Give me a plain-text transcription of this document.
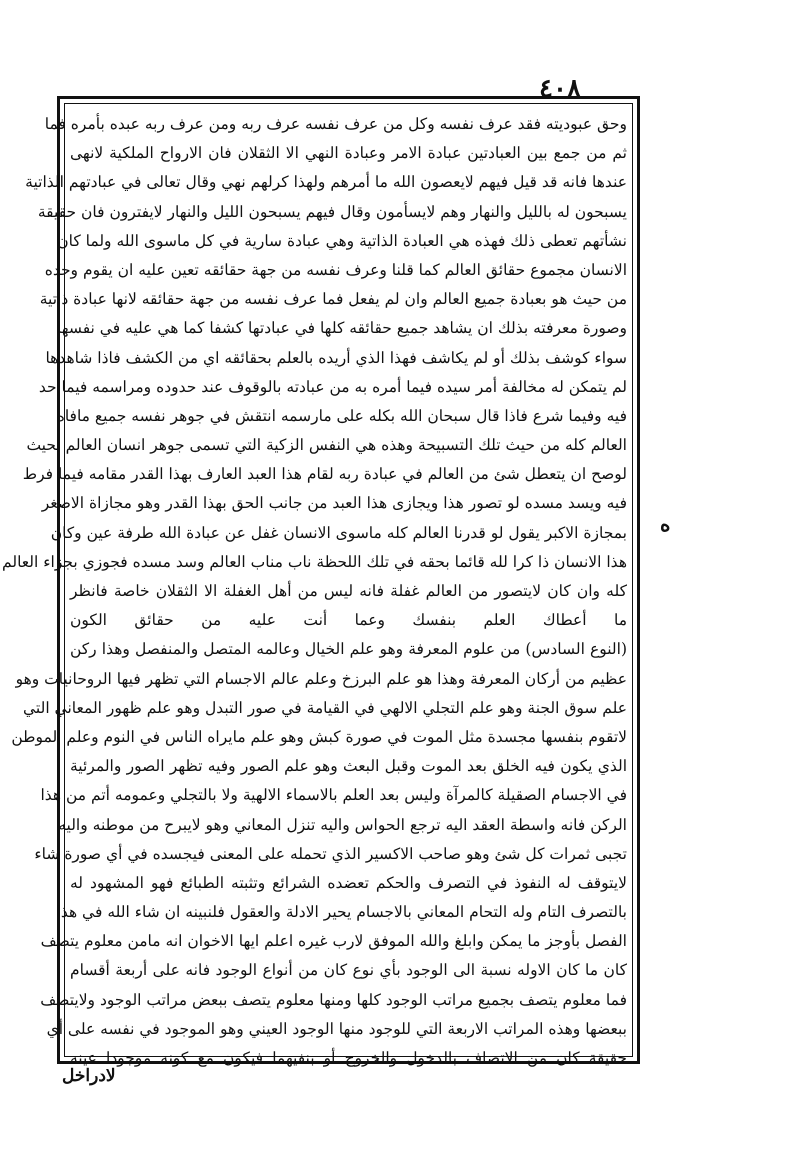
٤٠٨
وحق عبوديته فقد عرف نفسه وكل من عرف نفسه عرف ربه ومن عرف ربه عبده بأمره فما
ثم من جمع بين العبادتين عبادة الامر وعبادة النهي الا الثقلان فان الارواح الملكية لانهى
عندها فانه قد قيل فيهم لايعصون الله ما أمرهم ولهذا كرلهم نهي وقال تعالى في عبادتهم الذاتية
يسبحون له بالليل والنهار وهم لايسأمون وقال فيهم يسبحون الليل والنهار لايفترون فان حقيقة
نشأتهم تعطى ذلك فهذه هي العبادة الذاتية وهي عبادة سارية في كل ماسوى الله ولما كان
الانسان مجموع حقائق العالم كما قلنا وعرف نفسه من جهة حقائقه تعين عليه ان يقوم وحده
من حيث هو بعبادة جميع العالم وان لم يفعل فما عرف نفسه من جهة حقائقه لانها عبادة ذاتية
وصورة معرفته بذلك ان يشاهد جميع حقائقه كلها في عبادتها كشفا كما هي عليه في نفسها
سواء كوشف بذلك أو لم يكاشف فهذا الذي أريده بالعلم بحقائقه اي من الكشف فاذا شاهدها
لم يتمكن له مخالفة أمر سيده فيما أمره به من عبادته بالوقوف عند حدوده ومراسمه فيما حد
فيه وفيما شرع فاذا قال سبحان الله بكله على مارسمه انتقش في جوهر نفسه جميع مافاه
العالم كله من حيث تلك التسبيحة وهذه هي النفس الزكية التي تسمى جوهر انسان العالم بحيث
لوصح ان يتعطل شئ من العالم في عبادة ربه لقام هذا العبد العارف بهذا القدر مقامه فيما فرط
فيه ويسد مسده لو تصور هذا ويجازى هذا العبد من جانب الحق بهذا القدر وهو مجازاة الاصغر
بمجازة الاكبر يقول لو قدرنا العالم كله ماسوى الانسان غفل عن عبادة الله طرفة عين وكان
هذا الانسان ذا كرا لله قائما بحقه في تلك اللحظة ناب مناب العالم وسد مسده فجوزي بجزاء العالم
كله وان كان لايتصور من العالم غفلة فانه ليس من أهل الغفلة الا الثقلان خاصة فانظر
ما أعطاك العلم بنفسك وعما أنت عليه من حقائق الكون
(النوع السادس) من علوم المعرفة وهو علم الخيال وعالمه المتصل والمنفصل وهذا ركن
عظيم من أركان المعرفة وهذا هو علم البرزخ وعلم عالم الاجسام التي تظهر فيها الروحانيات وهو
علم سوق الجنة وهو علم التجلي الالهي في القيامة في صور التبدل وهو علم ظهور المعاني التي
لاتقوم بنفسها مجسدة مثل الموت في صورة كبش وهو علم مايراه الناس في النوم وعلم الموطن
الذي يكون فيه الخلق بعد الموت وقبل البعث وهو علم الصور وفيه تظهر الصور والمرئية
في الاجسام الصقيلة كالمرآة وليس بعد العلم بالاسماء الالهية ولا بالتجلي وعمومه أتم من هذا
الركن فانه واسطة العقد اليه ترجع الحواس واليه تنزل المعاني وهو لايبرح من موطنه واليه
تجبى ثمرات كل شئ وهو صاحب الاكسير الذي تحمله على المعنى فيجسده في أي صورة شاء
لايتوقف له النفوذ في التصرف والحكم تعضده الشرائع وتثبته الطبائع فهو المشهود له
بالتصرف التام وله التحام المعاني بالاجسام يحير الادلة والعقول فلنبينه ان شاء الله في هذا
الفصل بأوجز ما يمكن وابلغ والله الموفق لارب غيره اعلم ايها الاخوان انه مامن معلوم يتصف
كان ما كان الاوله نسبة الى الوجود بأي نوع كان من أنواع الوجود فانه على أربعة أقسام
فما معلوم يتصف بجميع مراتب الوجود كلها ومنها معلوم يتصف ببعض مراتب الوجود ولايتصف
ببعضها وهذه المراتب الاربعة التي للوجود منها الوجود العيني وهو الموجود في نفسه على أي
حقيقة كان من الاتصاف بالدخول والخروج أو بنفيهما فيكون مع كونه موجودا عينه
ه
لادراخل
